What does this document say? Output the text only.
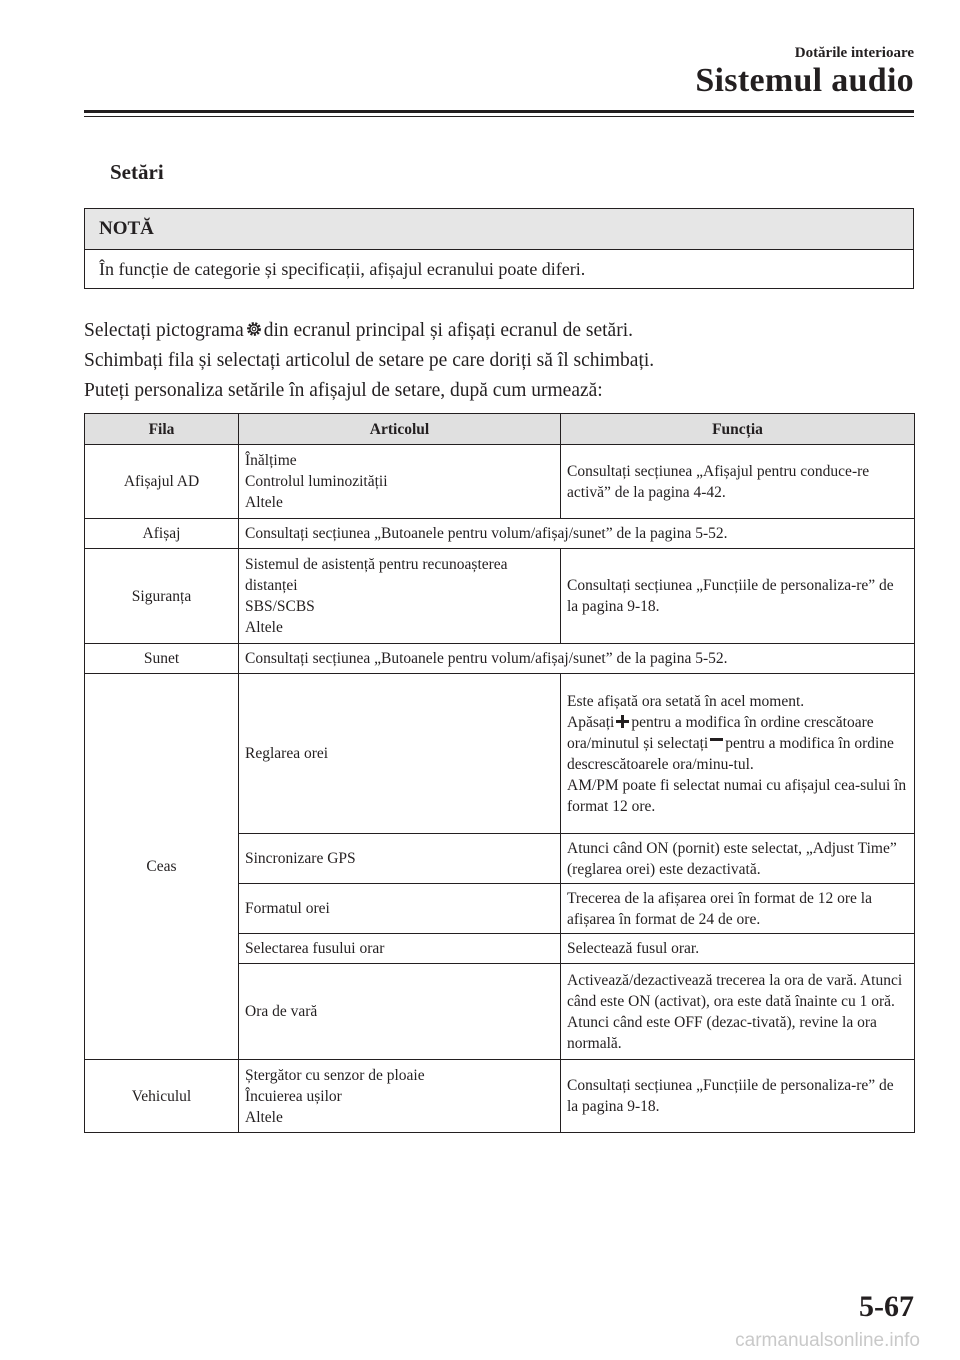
Dotările interioare
Sistemul audio
Setări
NOTĂ
În funcție de categorie și specificații, afișajul ecranului poate diferi.
Selectați pictograma din ecranul principal și afișați ecranul de setări.
Schimbați fila și selectați articolul de setare pe care doriți să îl schimbați.
Puteți personaliza setările în afișajul de setare, după cum urmează:
Fila	Articolul	Funcția
Afișajul AD	Înălțime
Controlul luminozității
Altele	Consultați secțiunea „Afișajul pentru conduce-re activă” de la pagina 4-42.
Afișaj	Consultați secțiunea „Butoanele pentru volum/afișaj/sunet” de la pagina 5-52.	
Siguranța	Sistemul de asistență pentru recunoașterea distanței
SBS/SCBS
Altele	Consultați secțiunea „Funcțiile de personaliza-re” de la pagina 9-18.
Sunet	Consultați secțiunea „Butoanele pentru volum/afișaj/sunet” de la pagina 5-52.	
Ceas	Reglarea orei	Este afișată ora setată în acel moment.
Apăsați pentru a modifica în ordine crescătoare ora/minutul și selectați pentru a modifica în ordine descrescătoarele ora/minu-tul.
AM/PM poate fi selectat numai cu afișajul cea-sului în format 12 ore.

	Sincronizare GPS	Atunci când ON (pornit) este selectat, „Adjust Time” (reglarea orei) este dezactivată.
	Formatul orei	Trecerea de la afișarea orei în format de 12 ore la afișarea în format de 24 de ore.
	Selectarea fusului orar	Selectează fusul orar.
	Ora de vară	Activează/dezactivează trecerea la ora de vară. Atunci când este ON (activat), ora este dată înainte cu 1 oră. Atunci când este OFF (dezac-tivată), revine la ora normală.
Vehiculul	Ștergător cu senzor de ploaie
Încuierea ușilor
Altele	Consultați secțiunea „Funcțiile de personaliza-re” de la pagina 9-18.
5-67
carmanualsonline.info
